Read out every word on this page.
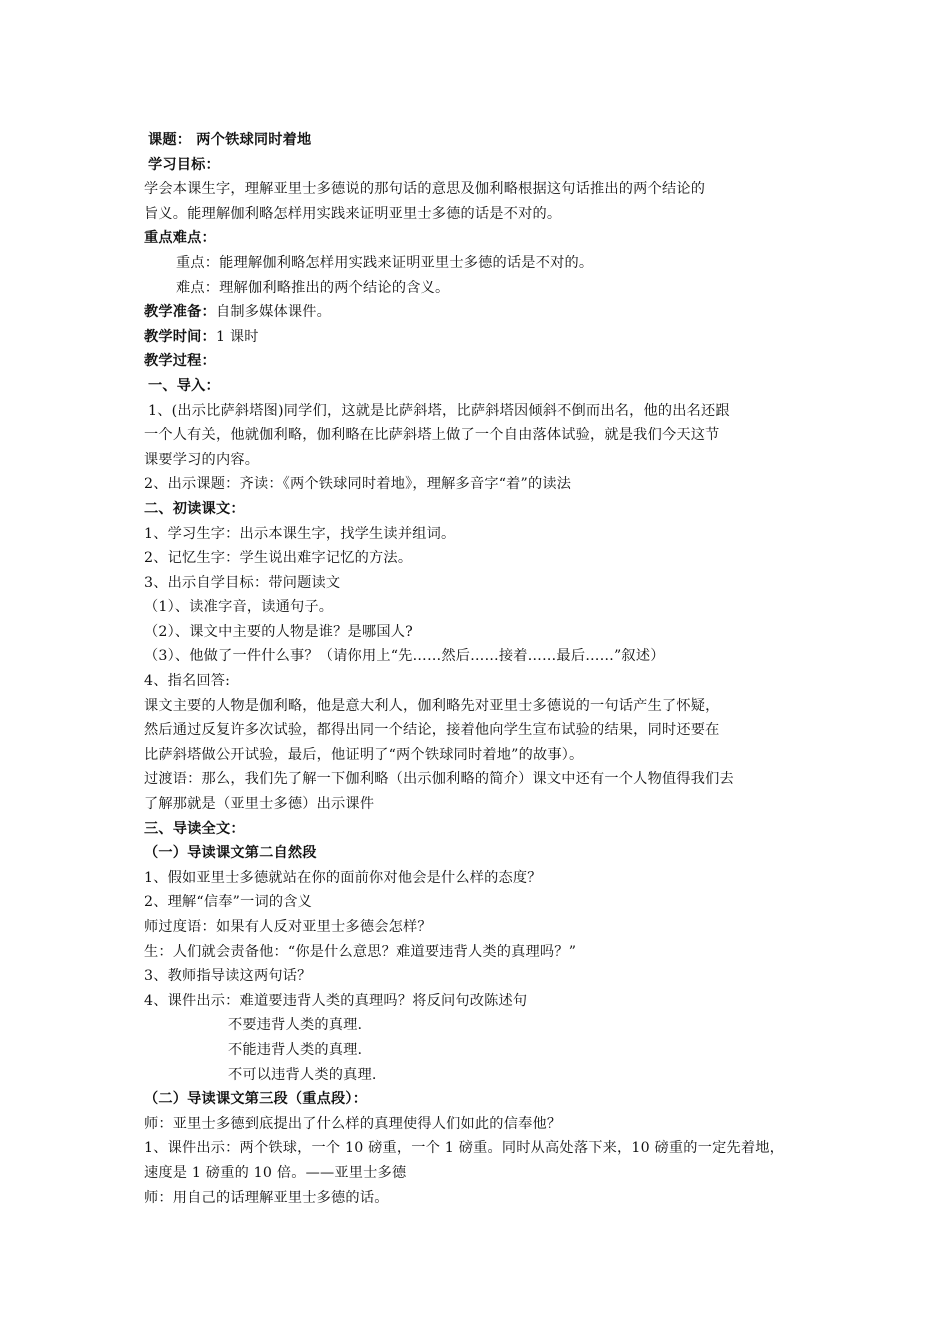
课题： 两个铁球同时着地
学习目标：
学会本课生字，理解亚里士多德说的那句话的意思及伽利略根据这句话推出的两个结论的
旨义。能理解伽利略怎样用实践来证明亚里士多德的话是不对的。
重点难点：
重点：能理解伽利略怎样用实践来证明亚里士多德的话是不对的。
难点：理解伽利略推出的两个结论的含义。
教学准备：自制多媒体课件。
教学时间：1 课时
教学过程：
一、导入：
1、(出示比萨斜塔图)同学们，这就是比萨斜塔，比萨斜塔因倾斜不倒而出名，他的出名还跟
一个人有关，他就伽利略，伽利略在比萨斜塔上做了一个自由落体试验，就是我们今天这节
课要学习的内容。
2、出示课题：齐读：《两个铁球同时着地》，理解多音字“着”的读法
二、初读课文：
1、学习生字：出示本课生字，找学生读并组词。
2、记忆生字：学生说出难字记忆的方法。
3、出示自学目标：带问题读文
（1）、读准字音，读通句子。
（2）、课文中主要的人物是谁？是哪国人?
（3）、他做了一件什么事？（请你用上“先……然后……接着……最后……”叙述）
4、指名回答:
课文主要的人物是伽利略，他是意大利人，伽利略先对亚里士多德说的一句话产生了怀疑，
然后通过反复许多次试验，都得出同一个结论，接着他向学生宣布试验的结果，同时还要在
比萨斜塔做公开试验，最后，他证明了“两个铁球同时着地”的故事）。
过渡语：那么，我们先了解一下伽利略（出示伽利略的简介）课文中还有一个人物值得我们去
了解那就是（亚里士多德）出示课件
三、导读全文：
（一）导读课文第二自然段
1、假如亚里士多德就站在你的面前你对他会是什么样的态度？
2、理解“信奉”一词的含义
师过度语：如果有人反对亚里士多德会怎样？
生：人们就会责备他：“你是什么意思？难道要违背人类的真理吗？”
3、教师指导读这两句话？
4、课件出示：难道要违背人类的真理吗？将反问句改陈述句
不要违背人类的真理.
不能违背人类的真理.
不可以违背人类的真理.
（二）导读课文第三段（重点段）：
师：亚里士多德到底提出了什么样的真理使得人们如此的信奉他？
1、课件出示：两个铁球，一个 10 磅重，一个 1 磅重。同时从高处落下来，10 磅重的一定先着地，
速度是 1 磅重的 10 倍。——亚里士多德
师：用自己的话理解亚里士多德的话。
